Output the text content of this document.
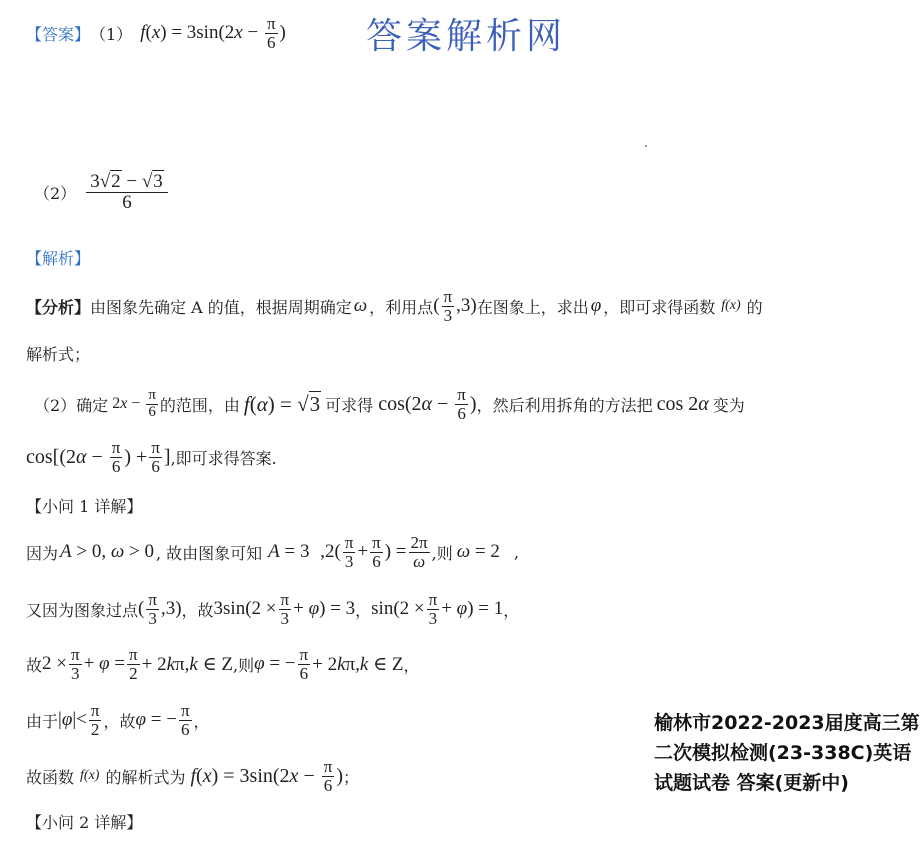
【答案】 （1） f ( x ) = 3sin(2 $x - \frac{\pi}{6}$ ) 答案解析网
$(2) \frac{3√2 - √3}{6}$
【解析】
【分析】 由图象先确定 A 的值，根据周期确定 ω ，利用点 ( $\frac{\pi}{3} ,3$) 在图象上，求出 φ ，即可求得函数 f(x) 的
解析式；
（2）确定 $2x - \frac{\pi}{6}$ 的范围，由 f(α) = √3 可求得 $\cos(2\alpha - \frac{\pi}{6}$ ) ，然后利用拆角的方法把 cos 2α 变为
$\cos[(2\alpha - \frac{\pi}{6}$ ) + $\frac{\pi}{6}$ ] ,即可求得答案.
【小问 1 详解】
因为 A > 0, ω > 0 , 故由图象可知 A = 3 $,2( \frac{\pi}{3} + \frac{\pi}{6}$ ) = $\frac{2\pi}{\omega}$ ,则 ω = 2 ,
又因为图象过点 ( $\frac{\pi}{3} ,3$) ，故 $3\sin(2 \times \frac{\pi}{3} + \varphi) = 3$ ， $\sin(2 \times \frac{\pi}{3} + \varphi) = 1$ ，
故 $2 \times \frac{\pi}{3} + \varphi = \frac{\pi}{2} + 2k\pi,k$ ∈ Z ,则 φ = − $\frac{\pi}{6} + 2k\pi,k$ ∈ Z ，
由于 $|\varphi|< \frac{\pi}{2}$ ，故 φ = − $\frac{\pi}{6}$ ，
故函数 f(x) 的解析式为 $f(x) = 3\sin(2x - \frac{\pi}{6}$ ) ；
【小问 2 详解】
榆林市2022-2023届度高三第二次模拟检测(23-338C)英语试题试卷 答案(更新中)
